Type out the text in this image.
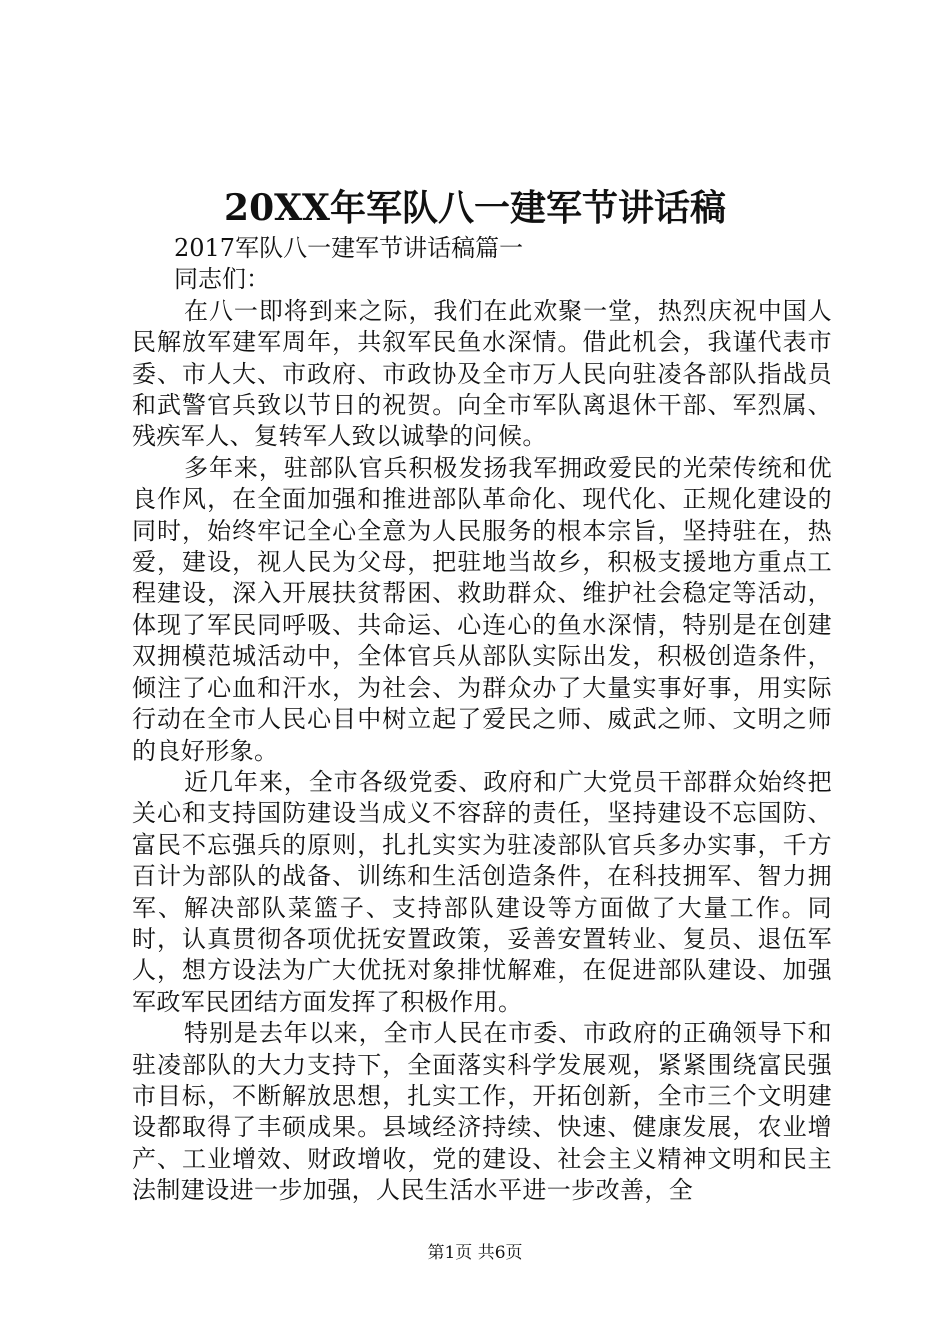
20XX年军队八一建军节讲话稿
2017军队八一建军节讲话稿篇一
同志们：
在八一即将到来之际，我们在此欢聚一堂，热烈庆祝中国人民解放军建军周年，共叙军民鱼水深情。借此机会，我谨代表市委、市人大、市政府、市政协及全市万人民向驻凌各部队指战员和武警官兵致以节日的祝贺。向全市军队离退休干部、军烈属、残疾军人、复转军人致以诚挚的问候。
多年来，驻部队官兵积极发扬我军拥政爱民的光荣传统和优良作风，在全面加强和推进部队革命化、现代化、正规化建设的同时，始终牢记全心全意为人民服务的根本宗旨，坚持驻在，热爱，建设，视人民为父母，把驻地当故乡，积极支援地方重点工程建设，深入开展扶贫帮困、救助群众、维护社会稳定等活动，体现了军民同呼吸、共命运、心连心的鱼水深情，特别是在创建双拥模范城活动中，全体官兵从部队实际出发，积极创造条件，倾注了心血和汗水，为社会、为群众办了大量实事好事，用实际行动在全市人民心目中树立起了爱民之师、威武之师、文明之师的良好形象。
近几年来，全市各级党委、政府和广大党员干部群众始终把关心和支持国防建设当成义不容辞的责任，坚持建设不忘国防、富民不忘强兵的原则，扎扎实实为驻凌部队官兵多办实事，千方百计为部队的战备、训练和生活创造条件，在科技拥军、智力拥军、解决部队菜篮子、支持部队建设等方面做了大量工作。同时，认真贯彻各项优抚安置政策，妥善安置转业、复员、退伍军人，想方设法为广大优抚对象排忧解难，在促进部队建设、加强军政军民团结方面发挥了积极作用。
特别是去年以来，全市人民在市委、市政府的正确领导下和驻凌部队的大力支持下，全面落实科学发展观，紧紧围绕富民强市目标，不断解放思想，扎实工作，开拓创新，全市三个文明建设都取得了丰硕成果。县域经济持续、快速、健康发展，农业增产、工业增效、财政增收，党的建设、社会主义精神文明和民主法制建设进一步加强，人民生活水平进一步改善，全
第1页 共6页
